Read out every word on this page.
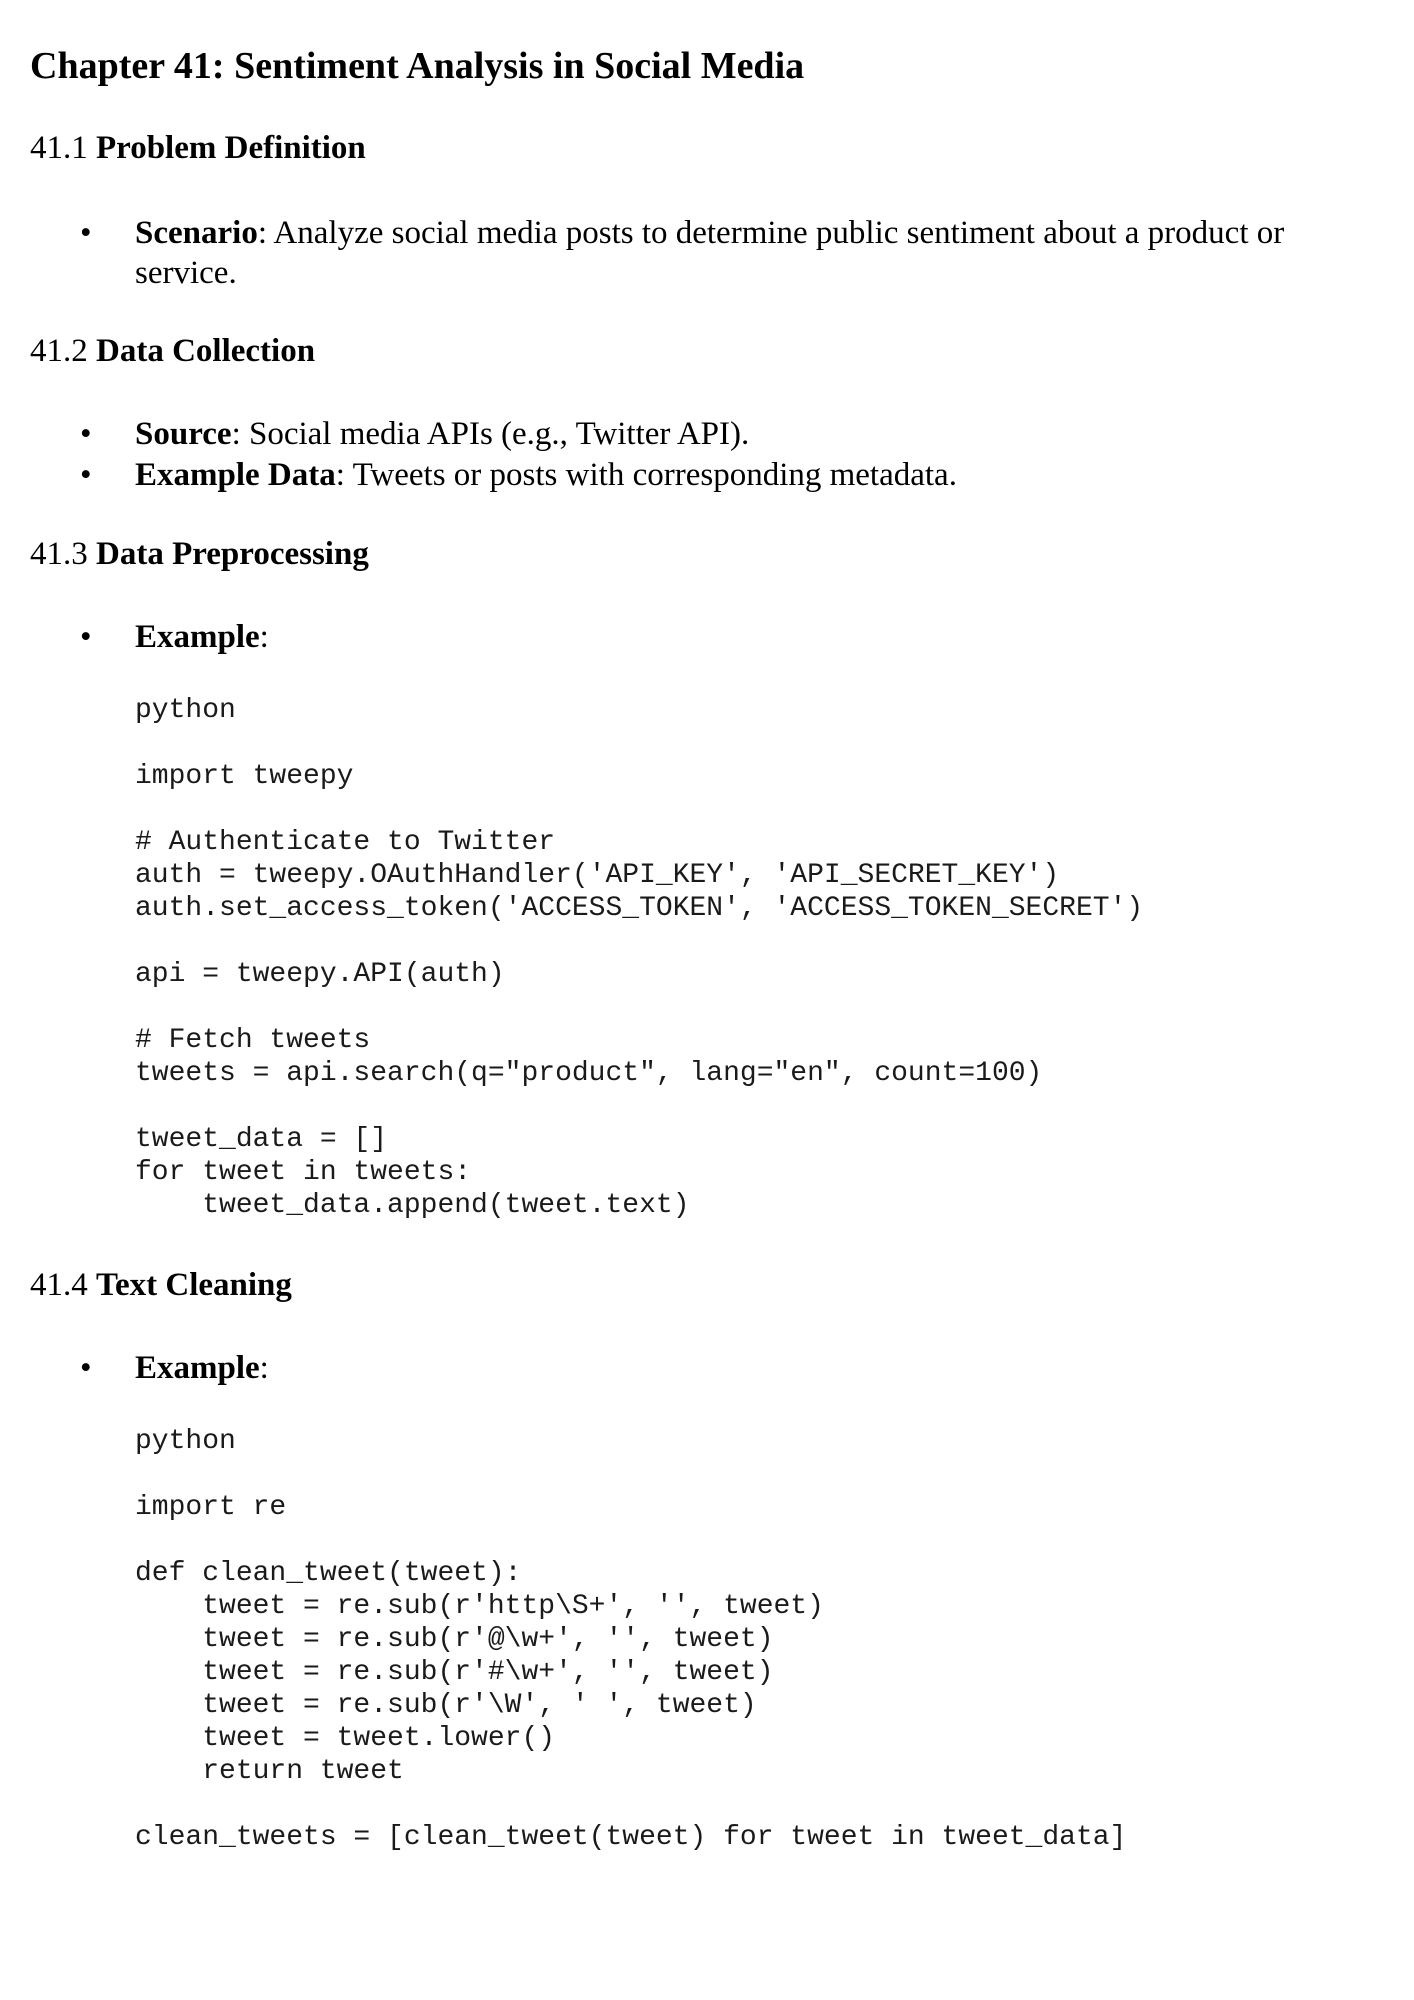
Chapter 41: Sentiment Analysis in Social Media
41.1 Problem Definition
• Scenario: Analyze social media posts to determine public sentiment about a product or service.
41.2 Data Collection
• Source: Social media APIs (e.g., Twitter API).
• Example Data: Tweets or posts with corresponding metadata.
41.3 Data Preprocessing
• Example:
python
import tweepy

# Authenticate to Twitter
auth = tweepy.OAuthHandler('API_KEY', 'API_SECRET_KEY')
auth.set_access_token('ACCESS_TOKEN', 'ACCESS_TOKEN_SECRET')

api = tweepy.API(auth)

# Fetch tweets
tweets = api.search(q="product", lang="en", count=100)

tweet_data = []
for tweet in tweets:
tweet_data.append(tweet.text)
41.4 Text Cleaning
• Example:
python
import re

def clean_tweet(tweet):
tweet = re.sub(r'http\S+', '', tweet)
tweet = re.sub(r'@\w+', '', tweet)
tweet = re.sub(r'#\w+', '', tweet)
tweet = re.sub(r'\W', ' ', tweet)
tweet = tweet.lower()
return tweet

clean_tweets = [clean_tweet(tweet) for tweet in tweet_data]
